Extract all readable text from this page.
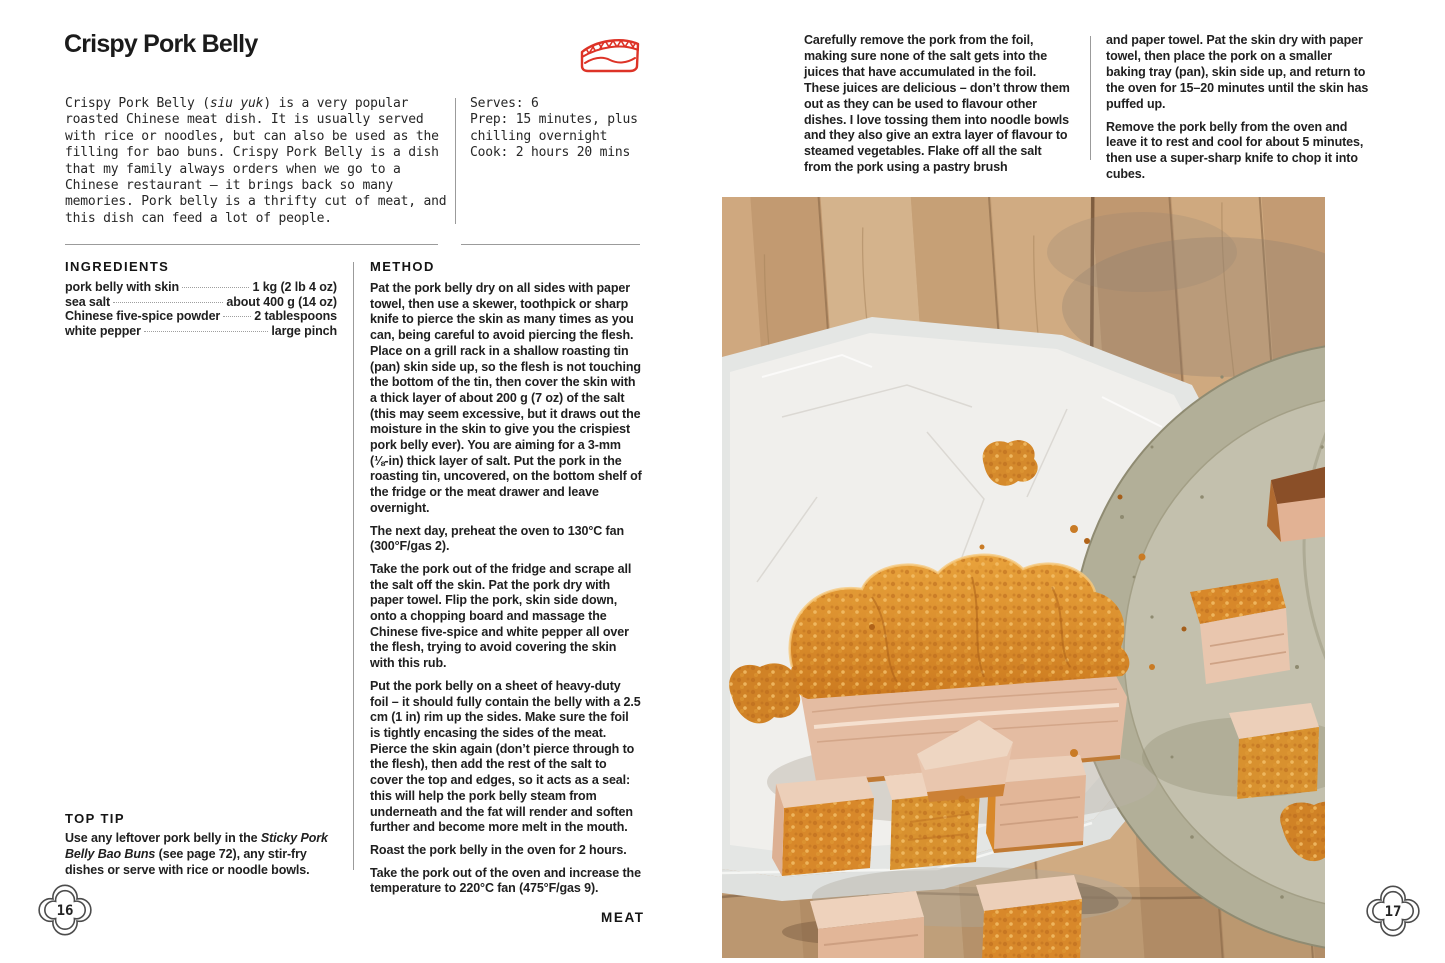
Crispy Pork Belly
Crispy Pork Belly (siu yuk) is a very popular roasted Chinese meat dish. It is usually served with rice or noodles, but can also be used as the filling for bao buns. Crispy Pork Belly is a dish that my family always orders when we go to a Chinese restaurant – it brings back so many memories. Pork belly is a thrifty cut of meat, and this dish can feed a lot of people.
Serves: 6
Prep: 15 minutes, plus chilling overnight
Cook: 2 hours 20 mins
INGREDIENTS
pork belly with skin	1 kg (2 lb 4 oz)
sea salt	about 400 g (14 oz)
Chinese five-spice powder	2 tablespoons
white pepper	large pinch
METHOD

Pat the pork belly dry on all sides with paper towel, then use a skewer, toothpick or sharp knife to pierce the skin as many times as you can, being careful to avoid piercing the flesh. Place on a grill rack in a shallow roasting tin (pan) skin side up, so the flesh is not touching the bottom of the tin, then cover the skin with a thick layer of about 200 g (7 oz) of the salt (this may seem excessive, but it draws out the moisture in the skin to give you the crispiest pork belly ever). You are aiming for a 3-mm (⅛-in) thick layer of salt. Put the pork in the roasting tin, uncovered, on the bottom shelf of the fridge or the meat drawer and leave overnight.

The next day, preheat the oven to 130°C fan (300°F/gas 2).

Take the pork out of the fridge and scrape all the salt off the skin. Pat the pork dry with paper towel. Flip the pork, skin side down, onto a chopping board and massage the Chinese five-spice and white pepper all over the flesh, trying to avoid covering the skin with this rub.

Put the pork belly on a sheet of heavy-duty foil – it should fully contain the belly with a 2.5 cm (1 in) rim up the sides. Make sure the foil is tightly encasing the sides of the meat. Pierce the skin again (don’t pierce through to the flesh), then add the rest of the salt to cover the top and edges, so it acts as a seal: this will help the pork belly steam from underneath and the fat will render and soften further and become more melt in the mouth.

Roast the pork belly in the oven for 2 hours.

Take the pork out of the oven and increase the temperature to 220°C fan (475°F/gas 9).

TOP TIP
Use any leftover pork belly in the Sticky Pork Belly Bao Buns (see page 72), any stir-fry dishes or serve with rice or noodle bowls.
16	MEAT

Carefully remove the pork from the foil, making sure none of the salt gets into the juices that have accumulated in the foil. These juices are delicious – don’t throw them out as they can be used to flavour other dishes. I love tossing them into noodle bowls and they also give an extra layer of flavour to steamed vegetables. Flake off all the salt from the pork using a pastry brush

and paper towel. Pat the skin dry with paper towel, then place the pork on a smaller baking tray (pan), skin side up, and return to the oven for 15–20 minutes until the skin has puffed up.

Remove the pork belly from the oven and leave it to rest and cool for about 5 minutes, then use a super-sharp knife to chop it into cubes.

17
